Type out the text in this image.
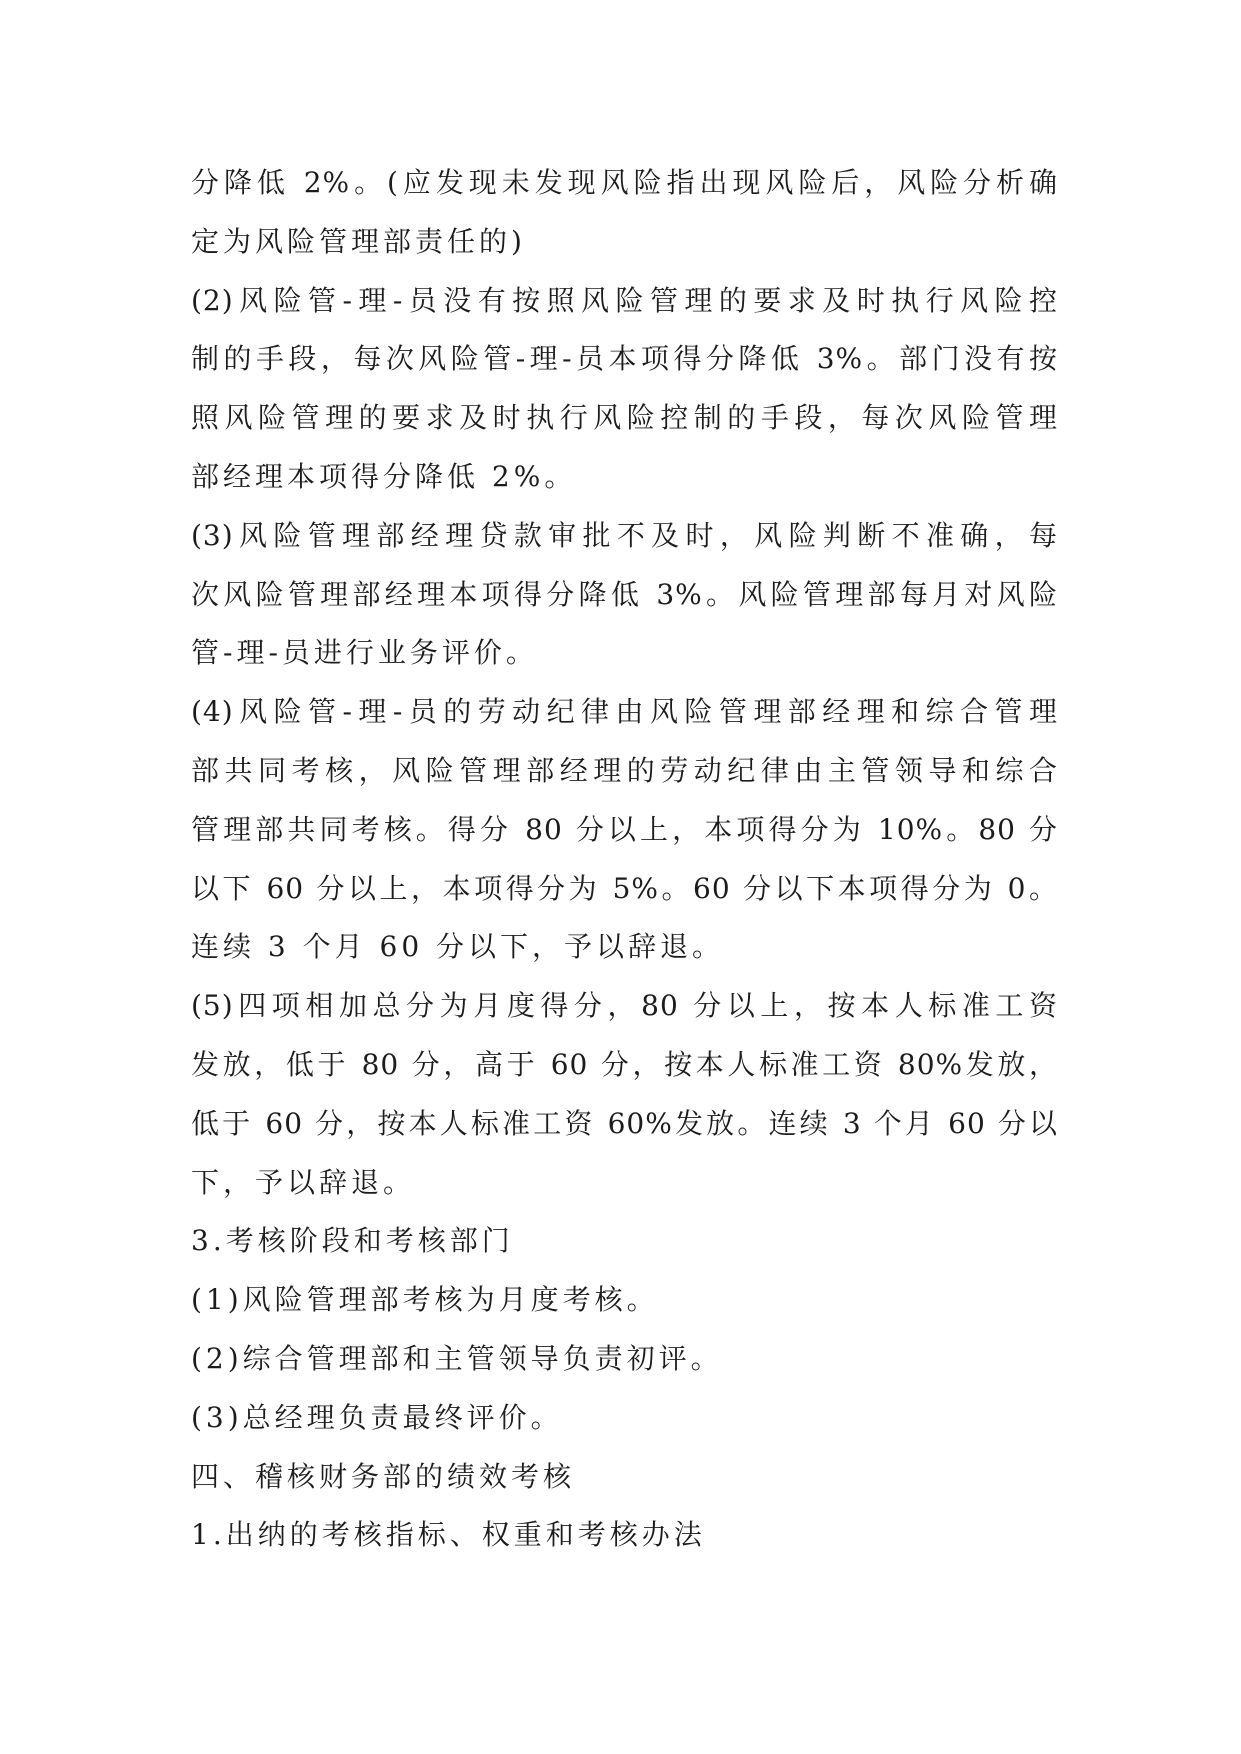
分降低 2%。(应发现未发现风险指出现风险后，风险分析确
定为风险管理部责任的)
(2)风险管-理-员没有按照风险管理的要求及时执行风险控
制的手段，每次风险管-理-员本项得分降低 3%。部门没有按
照风险管理的要求及时执行风险控制的手段，每次风险管理
部经理本项得分降低 2%。
(3)风险管理部经理贷款审批不及时，风险判断不准确，每
次风险管理部经理本项得分降低 3%。风险管理部每月对风险
管-理-员进行业务评价。
(4)风险管-理-员的劳动纪律由风险管理部经理和综合管理
部共同考核，风险管理部经理的劳动纪律由主管领导和综合
管理部共同考核。得分 80 分以上，本项得分为 10%。80 分
以下 60 分以上，本项得分为 5%。60 分以下本项得分为 0。
连续 3 个月 60 分以下，予以辞退。
(5)四项相加总分为月度得分，80 分以上，按本人标准工资
发放，低于 80 分，高于 60 分，按本人标准工资 80%发放，
低于 60 分，按本人标准工资 60%发放。连续 3 个月 60 分以
下，予以辞退。
3.考核阶段和考核部门
(1)风险管理部考核为月度考核。
(2)综合管理部和主管领导负责初评。
(3)总经理负责最终评价。
四、稽核财务部的绩效考核
1.出纳的考核指标、权重和考核办法
